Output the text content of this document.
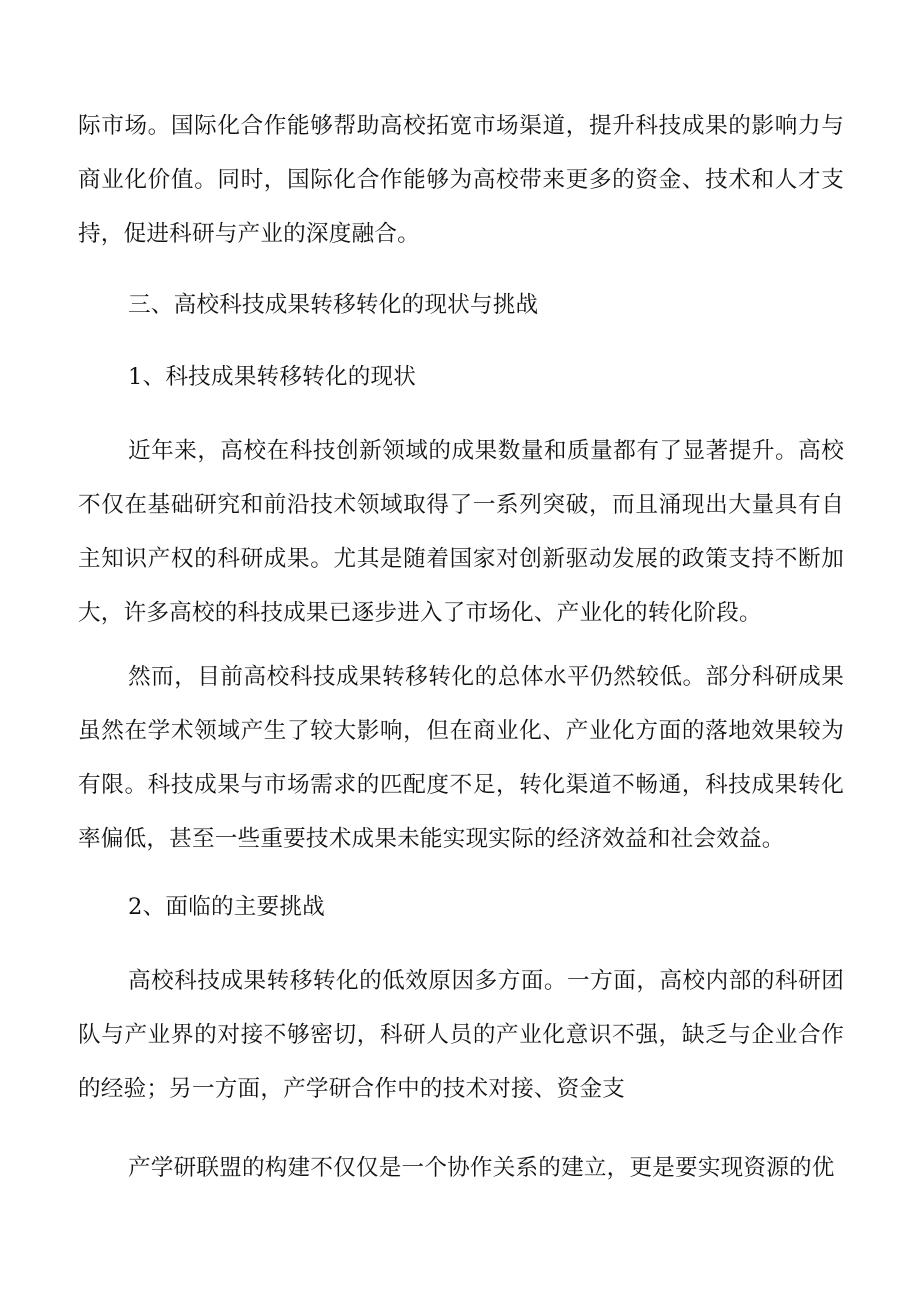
际市场。国际化合作能够帮助高校拓宽市场渠道，提升科技成果的影响力与商业化价值。同时，国际化合作能够为高校带来更多的资金、技术和人才支持，促进科研与产业的深度融合。

三、高校科技成果转移转化的现状与挑战

1、科技成果转移转化的现状

近年来，高校在科技创新领域的成果数量和质量都有了显著提升。高校不仅在基础研究和前沿技术领域取得了一系列突破，而且涌现出大量具有自主知识产权的科研成果。尤其是随着国家对创新驱动发展的政策支持不断加大，许多高校的科技成果已逐步进入了市场化、产业化的转化阶段。

然而，目前高校科技成果转移转化的总体水平仍然较低。部分科研成果虽然在学术领域产生了较大影响，但在商业化、产业化方面的落地效果较为有限。科技成果与市场需求的匹配度不足，转化渠道不畅通，科技成果转化率偏低，甚至一些重要技术成果未能实现实际的经济效益和社会效益。

2、面临的主要挑战

高校科技成果转移转化的低效原因多方面。一方面，高校内部的科研团队与产业界的对接不够密切，科研人员的产业化意识不强，缺乏与企业合作的经验；另一方面，产学研合作中的技术对接、资金支

产学研联盟的构建不仅仅是一个协作关系的建立，更是要实现资源的优
